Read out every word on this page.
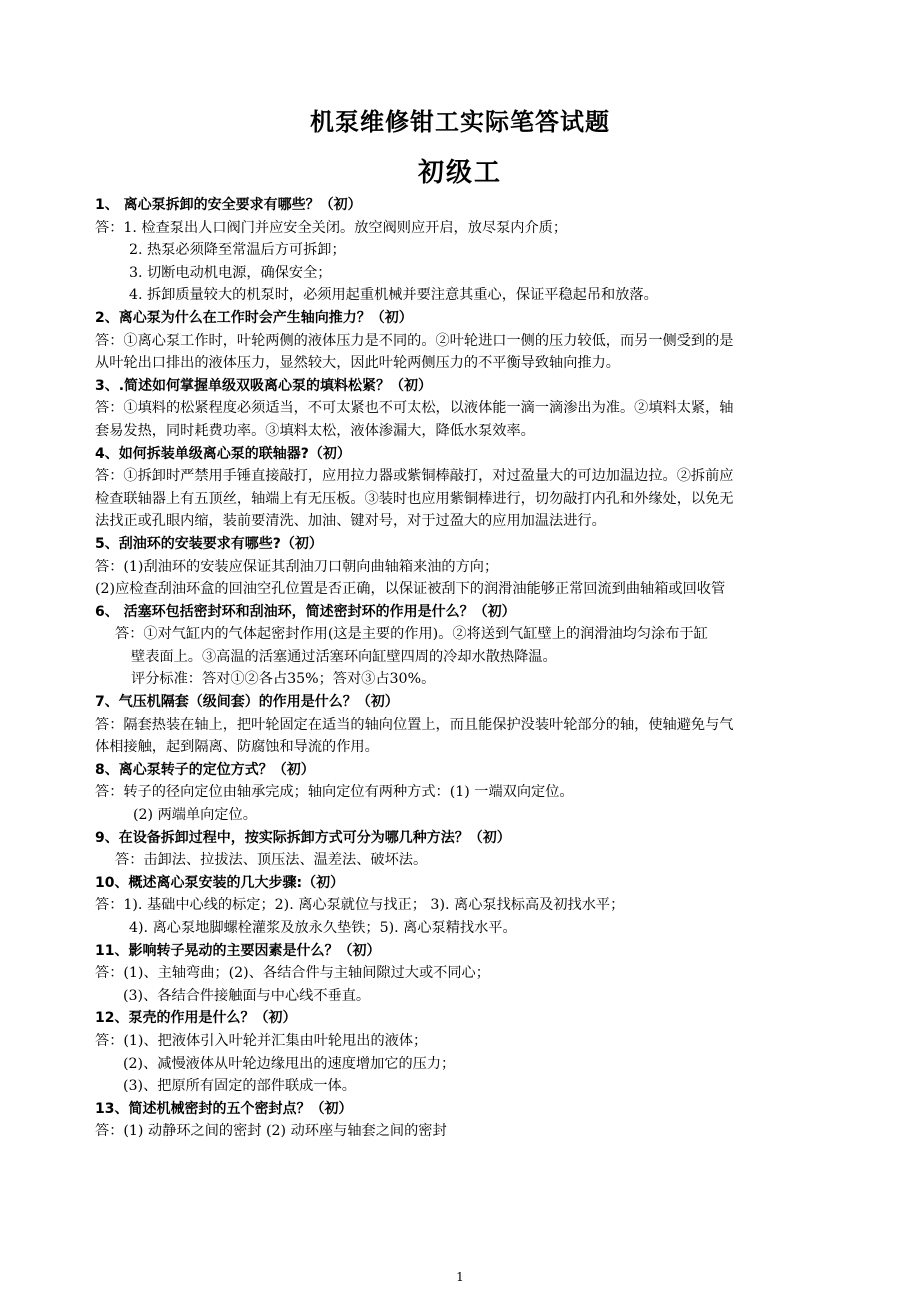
机泵维修钳工实际笔答试题
初级工
1、 离心泵拆卸的安全要求有哪些？（初）
答：1. 检查泵出人口阀门并应安全关闭。放空阀则应开启，放尽泵内介质；
2. 热泵必须降至常温后方可拆卸；
3. 切断电动机电源，确保安全；
4. 拆卸质量较大的机泵时，必须用起重机械并要注意其重心，保证平稳起吊和放落。
2、离心泵为什么在工作时会产生轴向推力？（初）
答：①离心泵工作时，叶轮两侧的液体压力是不同的。②叶轮进口一侧的压力较低，而另一侧受到的是
从叶轮出口排出的液体压力，显然较大，因此叶轮两侧压力的不平衡导致轴向推力。
3、.简述如何掌握单级双吸离心泵的填料松紧？（初）
答：①填料的松紧程度必须适当，不可太紧也不可太松，以液体能一滴一滴渗出为准。②填料太紧，轴
套易发热，同时耗费功率。③填料太松，液体渗漏大，降低水泵效率。
4、如何拆装单级离心泵的联轴器?（初）
答：①拆卸时严禁用手锤直接敲打，应用拉力器或紫铜棒敲打，对过盈量大的可边加温边拉。②拆前应
检查联轴器上有五顶丝，轴端上有无压板。③装时也应用紫铜棒进行，切勿敲打内孔和外缘处，以免无
法找正或孔眼内缩，装前要清洗、加油、键对号，对于过盈大的应用加温法进行。
5、刮油环的安装要求有哪些?（初）
答：(1)刮油环的安装应保证其刮油刀口朝向曲轴箱来油的方向；
(2)应检查刮油环盒的回油空孔位置是否正确，以保证被刮下的润滑油能够正常回流到曲轴箱或回收管
6、 活塞环包括密封环和刮油环，简述密封环的作用是什么？（初）
答：①对气缸内的气体起密封作用(这是主要的作用)。②将送到气缸壁上的润滑油均匀涂布于缸
壁表面上。③高温的活塞通过活塞环向缸壁四周的冷却水散热降温。
评分标准：答对①②各占35%；答对③占30%。
7、气压机隔套（级间套）的作用是什么？（初）
答：隔套热装在轴上，把叶轮固定在适当的轴向位置上，而且能保护没装叶轮部分的轴，使轴避免与气
体相接触，起到隔离、防腐蚀和导流的作用。
8、离心泵转子的定位方式？（初）
答：转子的径向定位由轴承完成；轴向定位有两种方式：(1) 一端双向定位。
(2) 两端单向定位。
9、在设备拆卸过程中，按实际拆卸方式可分为哪几种方法？（初）
答：击卸法、拉拔法、顶压法、温差法、破坏法。
10、概述离心泵安装的几大步骤:（初）
答：1). 基础中心线的标定；2). 离心泵就位与找正； 3). 离心泵找标高及初找水平；
4). 离心泵地脚螺栓灌浆及放永久垫铁；5). 离心泵精找水平。
11、影响转子晃动的主要因素是什么？（初）
答：(1)、主轴弯曲；(2)、各结合件与主轴间隙过大或不同心；
(3)、各结合件接触面与中心线不垂直。
12、泵壳的作用是什么？（初）
答：(1)、把液体引入叶轮并汇集由叶轮甩出的液体；
(2)、减慢液体从叶轮边缘甩出的速度增加它的压力；
(3)、把原所有固定的部件联成一体。
13、简述机械密封的五个密封点？（初）
答：(1) 动静环之间的密封 (2) 动环座与轴套之间的密封
1
